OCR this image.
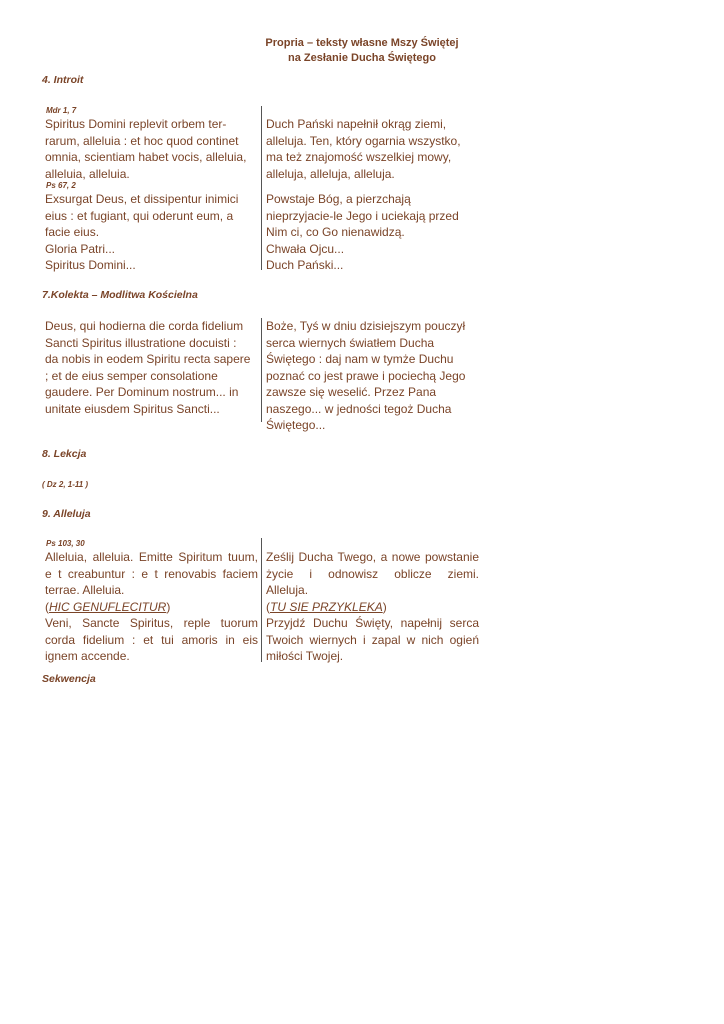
Propria – teksty własne Mszy Świętej
na Zesłanie Ducha Świętego
4. Introit
Mdr 1, 7
Spiritus Domini replevit orbem ter-
rarum, alleluia : et hoc quod continet
omnia, scientiam habet vocis, alleluia,
alleluia, alleluia.
Duch Pański napełnił okrąg ziemi,
alleluja. Ten, który ogarnia wszystko,
ma też znajomość wszelkiej mowy,
alleluja, alleluja, alleluja.
Ps 67, 2
Exsurgat Deus, et dissipentur inimici
eius : et fugiant, qui oderunt eum, a
facie eius.
Gloria Patri...
Spiritus Domini...
Powstaje Bóg, a pierzchają
nieprzyjacie-le Jego i uciekają przed
Nim ci, co Go nienawidzą.
Chwała Ojcu...
Duch Pański...
7.Kolekta – Modlitwa Kościelna
Deus, qui hodierna die corda fidelium
Sancti Spiritus illustratione docuisti :
da nobis in eodem Spiritu recta sapere
; et de eius semper consolatione
gaudere. Per Dominum nostrum... in
unitate eiusdem Spiritus Sancti...
Boże, Tyś w dniu dzisiejszym pouczył
serca wiernych światłem Ducha
Świętego : daj nam w tymże Duchu
poznać co jest prawe i pociechą Jego
zawsze się weselić. Przez Pana
naszego... w jedności tegoż Ducha
Świętego...
8. Lekcja
( Dz 2, 1-11 )
9. Alleluja
Ps 103, 30
Alleluia, alleluia. Emitte Spiritum tuum,
e t creabuntur : e t renovabis faciem
terrae. Alleluia.
(HIC GENUFLECITUR)
Veni, Sancte Spiritus, reple tuorum
corda fidelium : et tui amoris in eis
ignem accende.
Ześlij Ducha Twego, a nowe powstanie
życie i odnowisz oblicze ziemi.
Alleluja.
(TU SIE PRZYKLEKA)
Przyjdź Duchu Święty, napełnij serca
Twoich wiernych i zapal w nich ogień
miłości Twojej.
Sekwencja
